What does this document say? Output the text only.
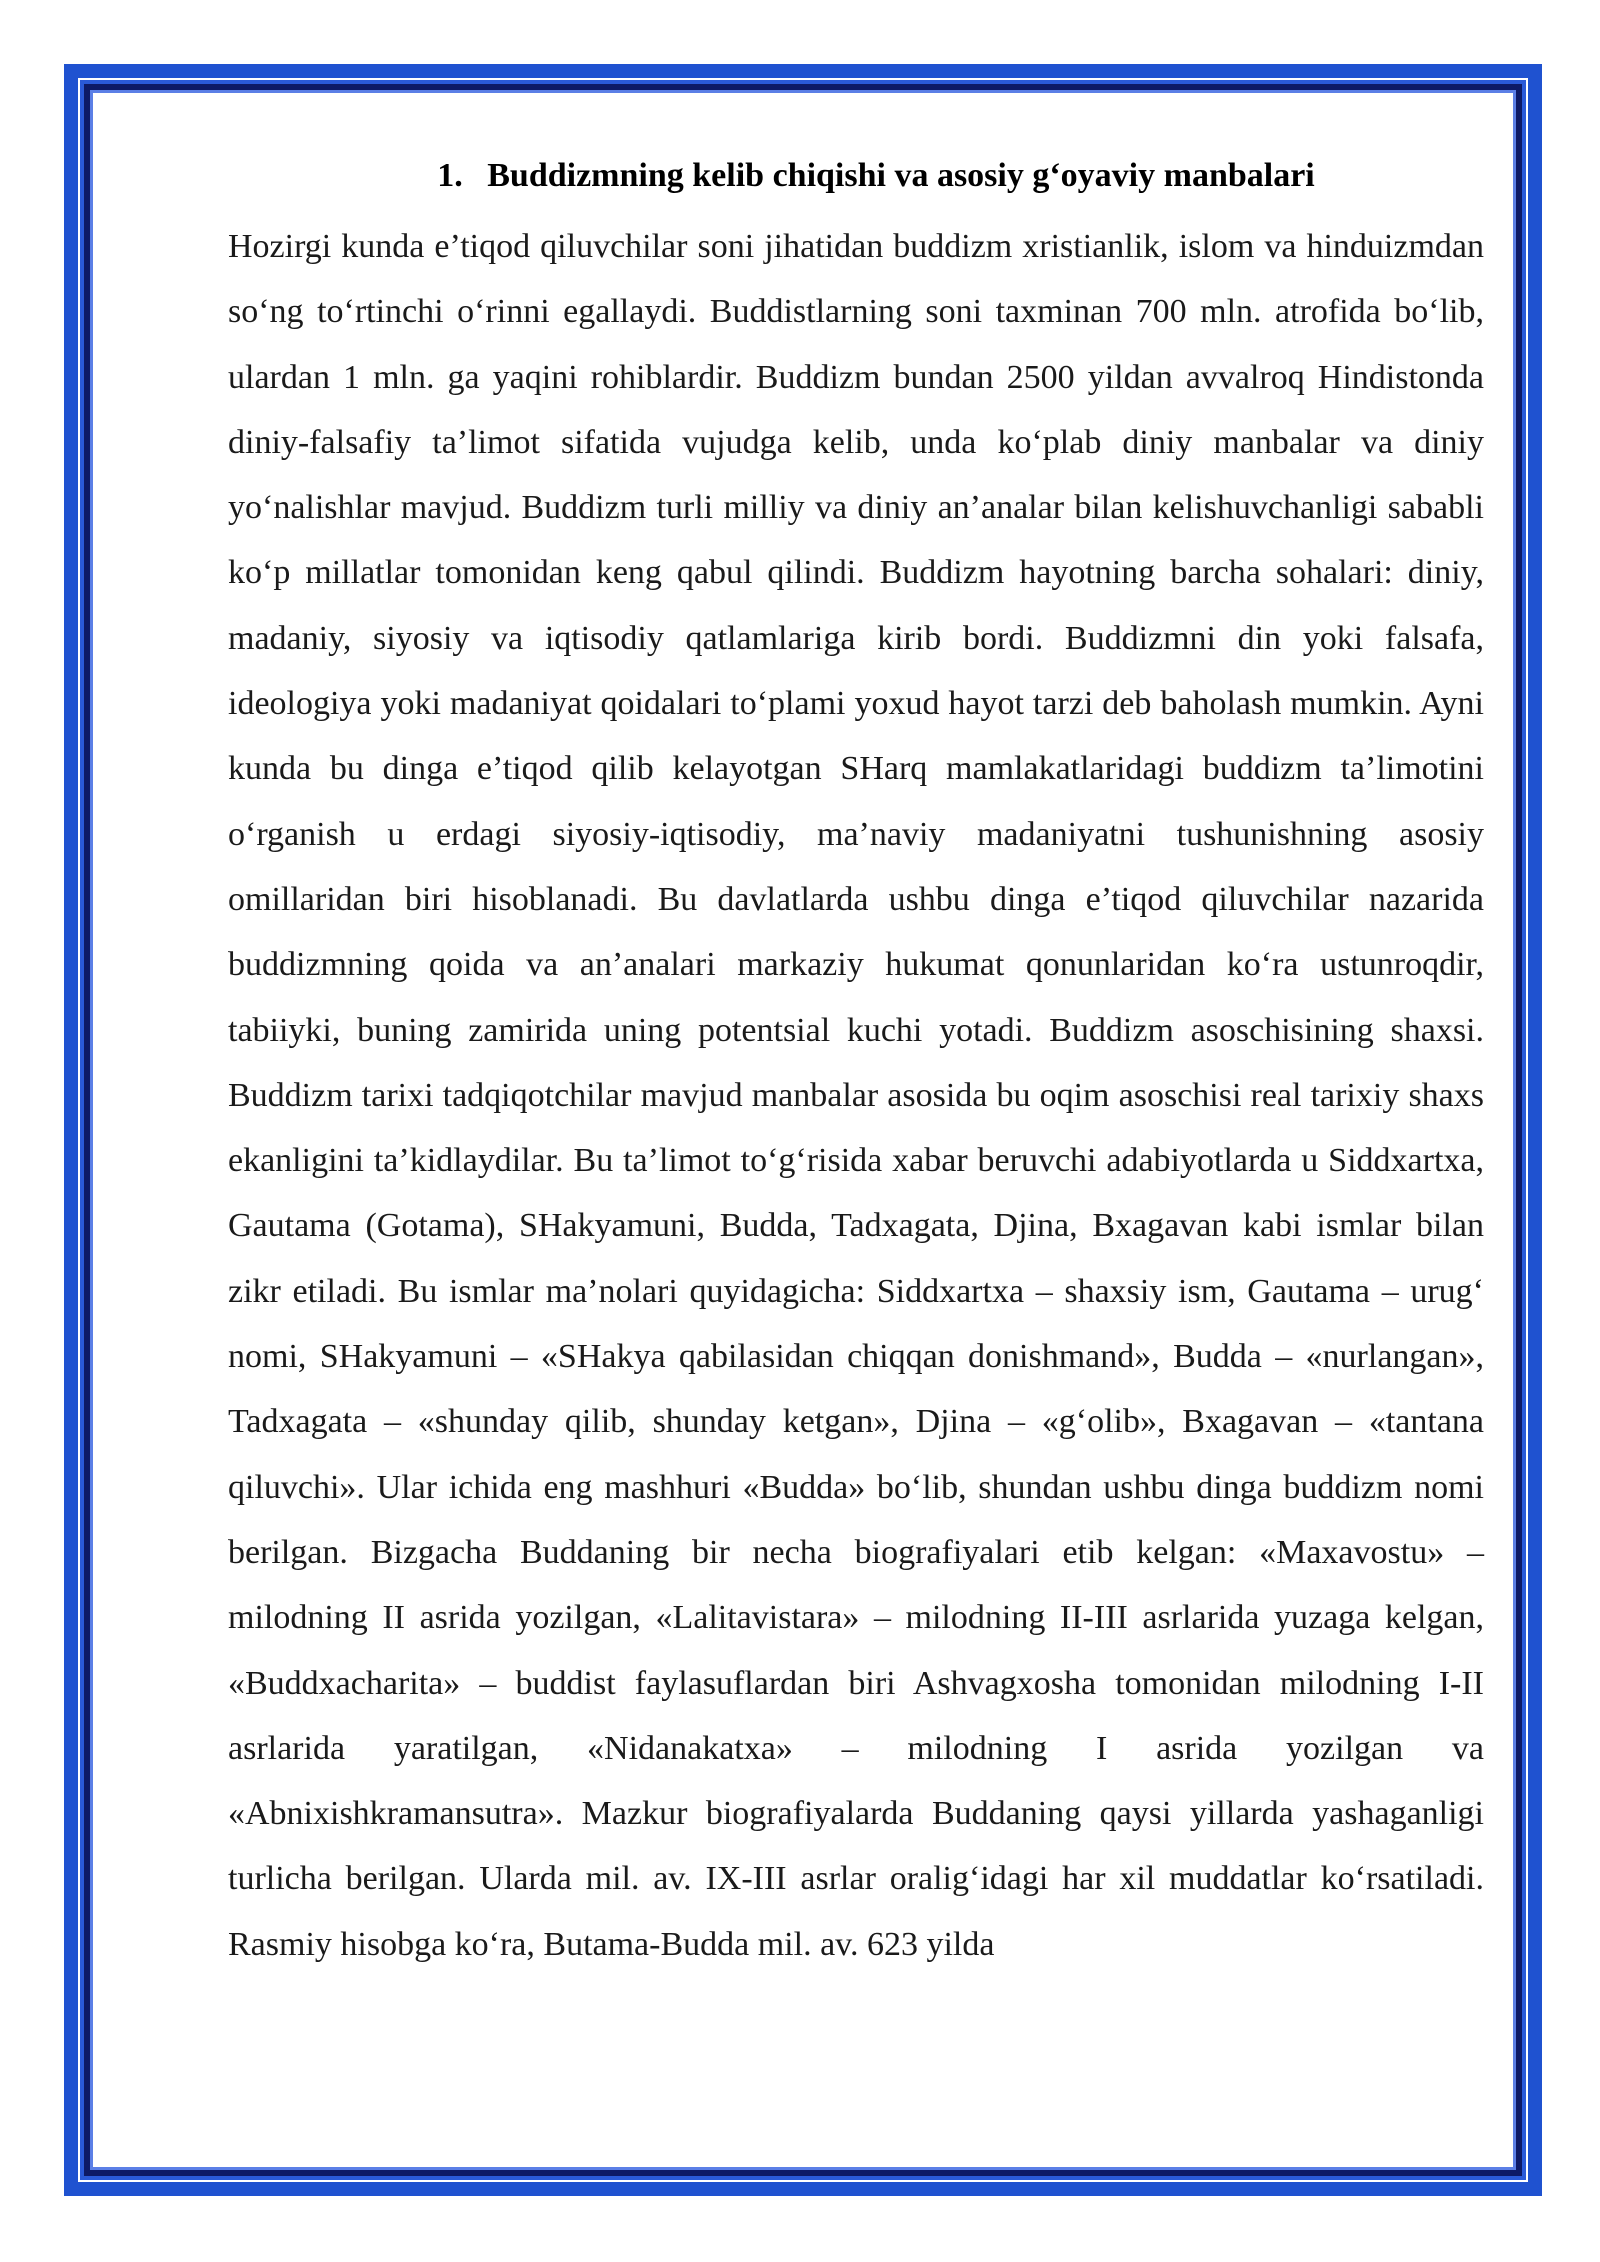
1. Buddizmning kelib chiqishi va asosiy g‘oyaviy manbalari

Hozirgi kunda e’tiqod qiluvchilar soni jihatidan buddizm xristianlik, islom va hinduizmdan so‘ng to‘rtinchi o‘rinni egallaydi. Buddistlarning soni taxminan 700 mln. atrofida bo‘lib, ulardan 1 mln. ga yaqini rohiblardir. Buddizm bundan 2500 yildan avvalroq Hindistonda diniy-falsafiy ta’limot sifatida vujudga kelib, unda ko‘plab diniy manbalar va diniy yo‘nalishlar mavjud. Buddizm turli milliy va diniy an’analar bilan kelishuvchanligi sababli ko‘p millatlar tomonidan keng qabul qilindi. Buddizm hayotning barcha sohalari: diniy, madaniy, siyosiy va iqtisodiy qatlamlariga kirib bordi. Buddizmni din yoki falsafa, ideologiya yoki madaniyat qoidalari to‘plami yoxud hayot tarzi deb baholash mumkin. Ayni kunda bu dinga e’tiqod qilib kelayotgan SHarq mamlakatlaridagi buddizm ta’limotini o‘rganish u erdagi siyosiy-iqtisodiy, ma’naviy madaniyatni tushunishning asosiy omillaridan biri hisoblanadi. Bu davlatlarda ushbu dinga e’tiqod qiluvchilar nazarida buddizmning qoida va an’analari markaziy hukumat qonunlaridan ko‘ra ustunroqdir, tabiiyki, buning zamirida uning potentsial kuchi yotadi. Buddizm asoschisining shaxsi. Buddizm tarixi tadqiqotchilar mavjud manbalar asosida bu oqim asoschisi real tarixiy shaxs ekanligini ta’kidlaydilar. Bu ta’limot to‘g‘risida xabar beruvchi adabiyotlarda u Siddxartxa, Gautama (Gotama), SHakyamuni, Budda, Tadxagata, Djina, Bxagavan kabi ismlar bilan zikr etiladi. Bu ismlar ma’nolari quyidagicha: Siddxartxa – shaxsiy ism, Gautama – urug‘ nomi, SHakyamuni – «SHakya qabilasidan chiqqan donishmand», Budda – «nurlangan», Tadxagata – «shunday qilib, shunday ketgan», Djina – «g‘olib», Bxagavan – «tantana qiluvchi». Ular ichida eng mashhuri «Budda» bo‘lib, shundan ushbu dinga buddizm nomi berilgan. Bizgacha Buddaning bir necha biografiyalari etib kelgan: «Maxavostu» – milodning II asrida yozilgan, «Lalitavistara» – milodning II-III asrlarida yuzaga kelgan, «Buddxacharita» – buddist faylasuflardan biri Ashvagxosha tomonidan milodning I-II asrlarida yaratilgan, «Nidanakatxa» – milodning I asrida yozilgan va «Abnixishkramansutra». Mazkur biografiyalarda Buddaning qaysi yillarda yashaganligi turlicha berilgan. Ularda mil. av. IX-III asrlar oralig‘idagi har xil muddatlar ko‘rsatiladi. Rasmiy hisobga ko‘ra, Butama-Budda mil. av. 623 yilda
